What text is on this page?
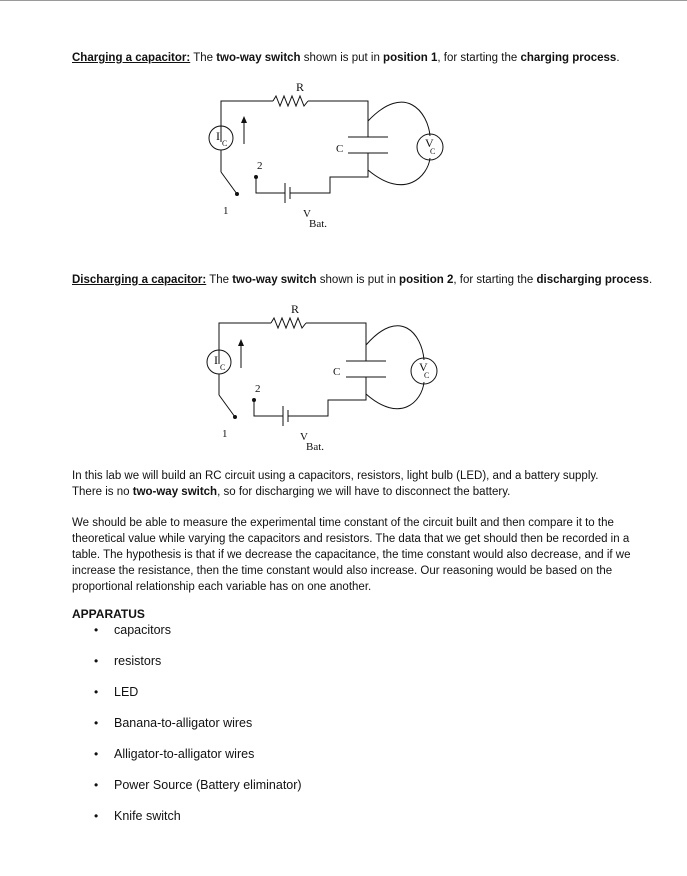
Charging a capacitor: The two-way switch shown is put in position 1, for starting the charging process.
R
C
I
C	V
C
2
1	V
Bat.
Discharging a capacitor: The two-way switch shown is put in position 2, for starting the discharging process.
R
C
I
C	V
C
2
1	V
Bat.
In this lab we will build an RC circuit using a capacitors, resistors, light bulb (LED), and a battery supply.
There is no two-way switch, so for discharging we will have to disconnect the battery.
We should be able to measure the experimental time constant of the circuit built and then compare it to the theoretical value while varying the capacitors and resistors. The data that we get should then be recorded in a table. The hypothesis is that if we decrease the capacitance, the time constant would also decrease, and if we increase the resistance, then the time constant would also increase. Our reasoning would be based on the proportional relationship each variable has on one another.
APPARATUS
• capacitors
• resistors
• LED
• Banana-to-alligator wires
• Alligator-to-alligator wires
• Power Source (Battery eliminator)
• Knife switch
